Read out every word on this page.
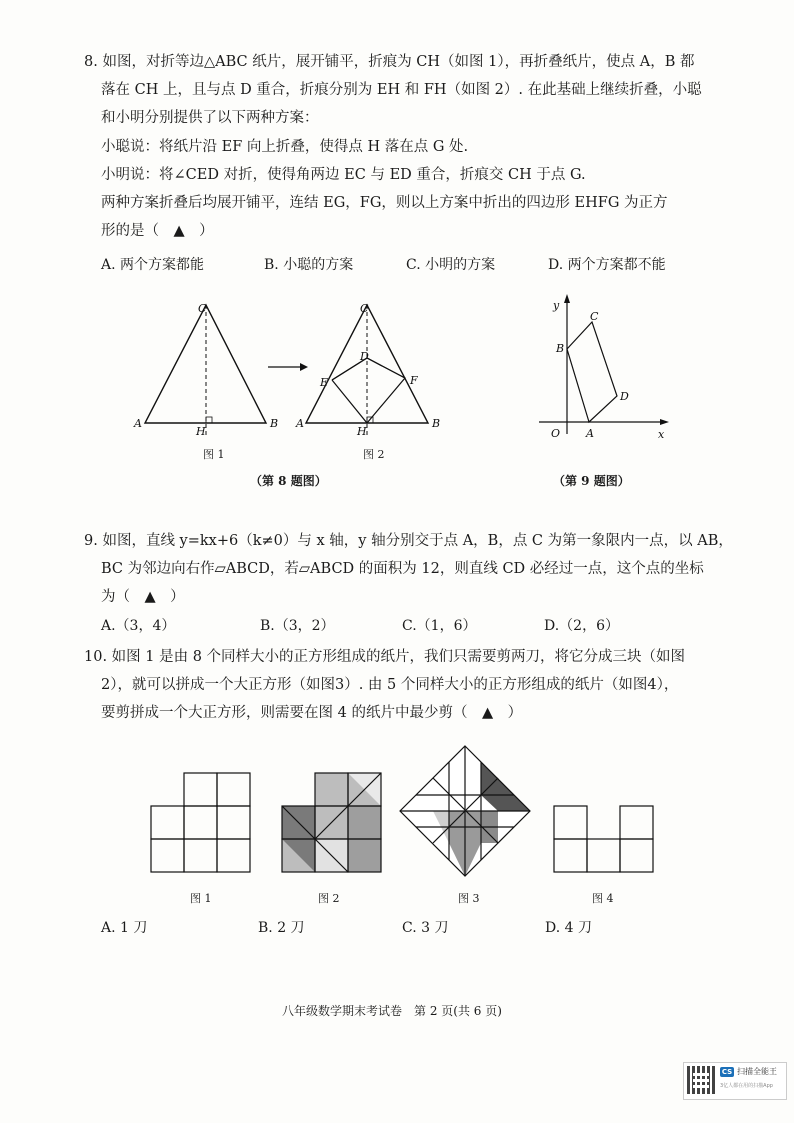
8. 如图，对折等边△ABC 纸片，展开铺平，折痕为 CH（如图 1），再折叠纸片，使点 A，B 都
落在 CH 上，且与点 D 重合，折痕分别为 EH 和 FH（如图 2）. 在此基础上继续折叠，小聪
和小明分别提供了以下两种方案：
小聪说：将纸片沿 EF 向上折叠，使得点 H 落在点 G 处.
小明说：将∠CED 对折，使得角两边 EC 与 ED 重合，折痕交 CH 于点 G.
两种方案折叠后均展开铺平，连结 EG，FG，则以上方案中折出的四边形 EHFG 为正方
形的是（　▲　）
A. 两个方案都能	B. 小聪的方案	C. 小明的方案	D. 两个方案都不能
A	B
C
H
A	B
C
D
E	F
H
图 1	图 2
（第 8 题图）
y
x
O A
B
C
D
（第 9 题图）
9. 如图，直线 y=kx+6（k≠0）与 x 轴，y 轴分别交于点 A，B，点 C 为第一象限内一点，以 AB，
BC 为邻边向右作▱ABCD，若▱ABCD 的面积为 12，则直线 CD 必经过一点，这个点的坐标
为（　▲　）
A.（3，4）	B.（3，2）	C.（1，6）	D.（2，6）
10. 如图 1 是由 8 个同样大小的正方形组成的纸片，我们只需要剪两刀，将它分成三块（如图
2），就可以拼成一个大正方形（如图3）. 由 5 个同样大小的正方形组成的纸片（如图4），
要剪拼成一个大正方形，则需要在图 4 的纸片中最少剪（　▲　）
图 1	图 2	图 3	图 4
A. 1 刀	B. 2 刀	C. 3 刀	D. 4 刀
八年级数学期末考试卷　第 2 页(共 6 页)
CS 扫描全能王
3亿人都在用的扫描App
